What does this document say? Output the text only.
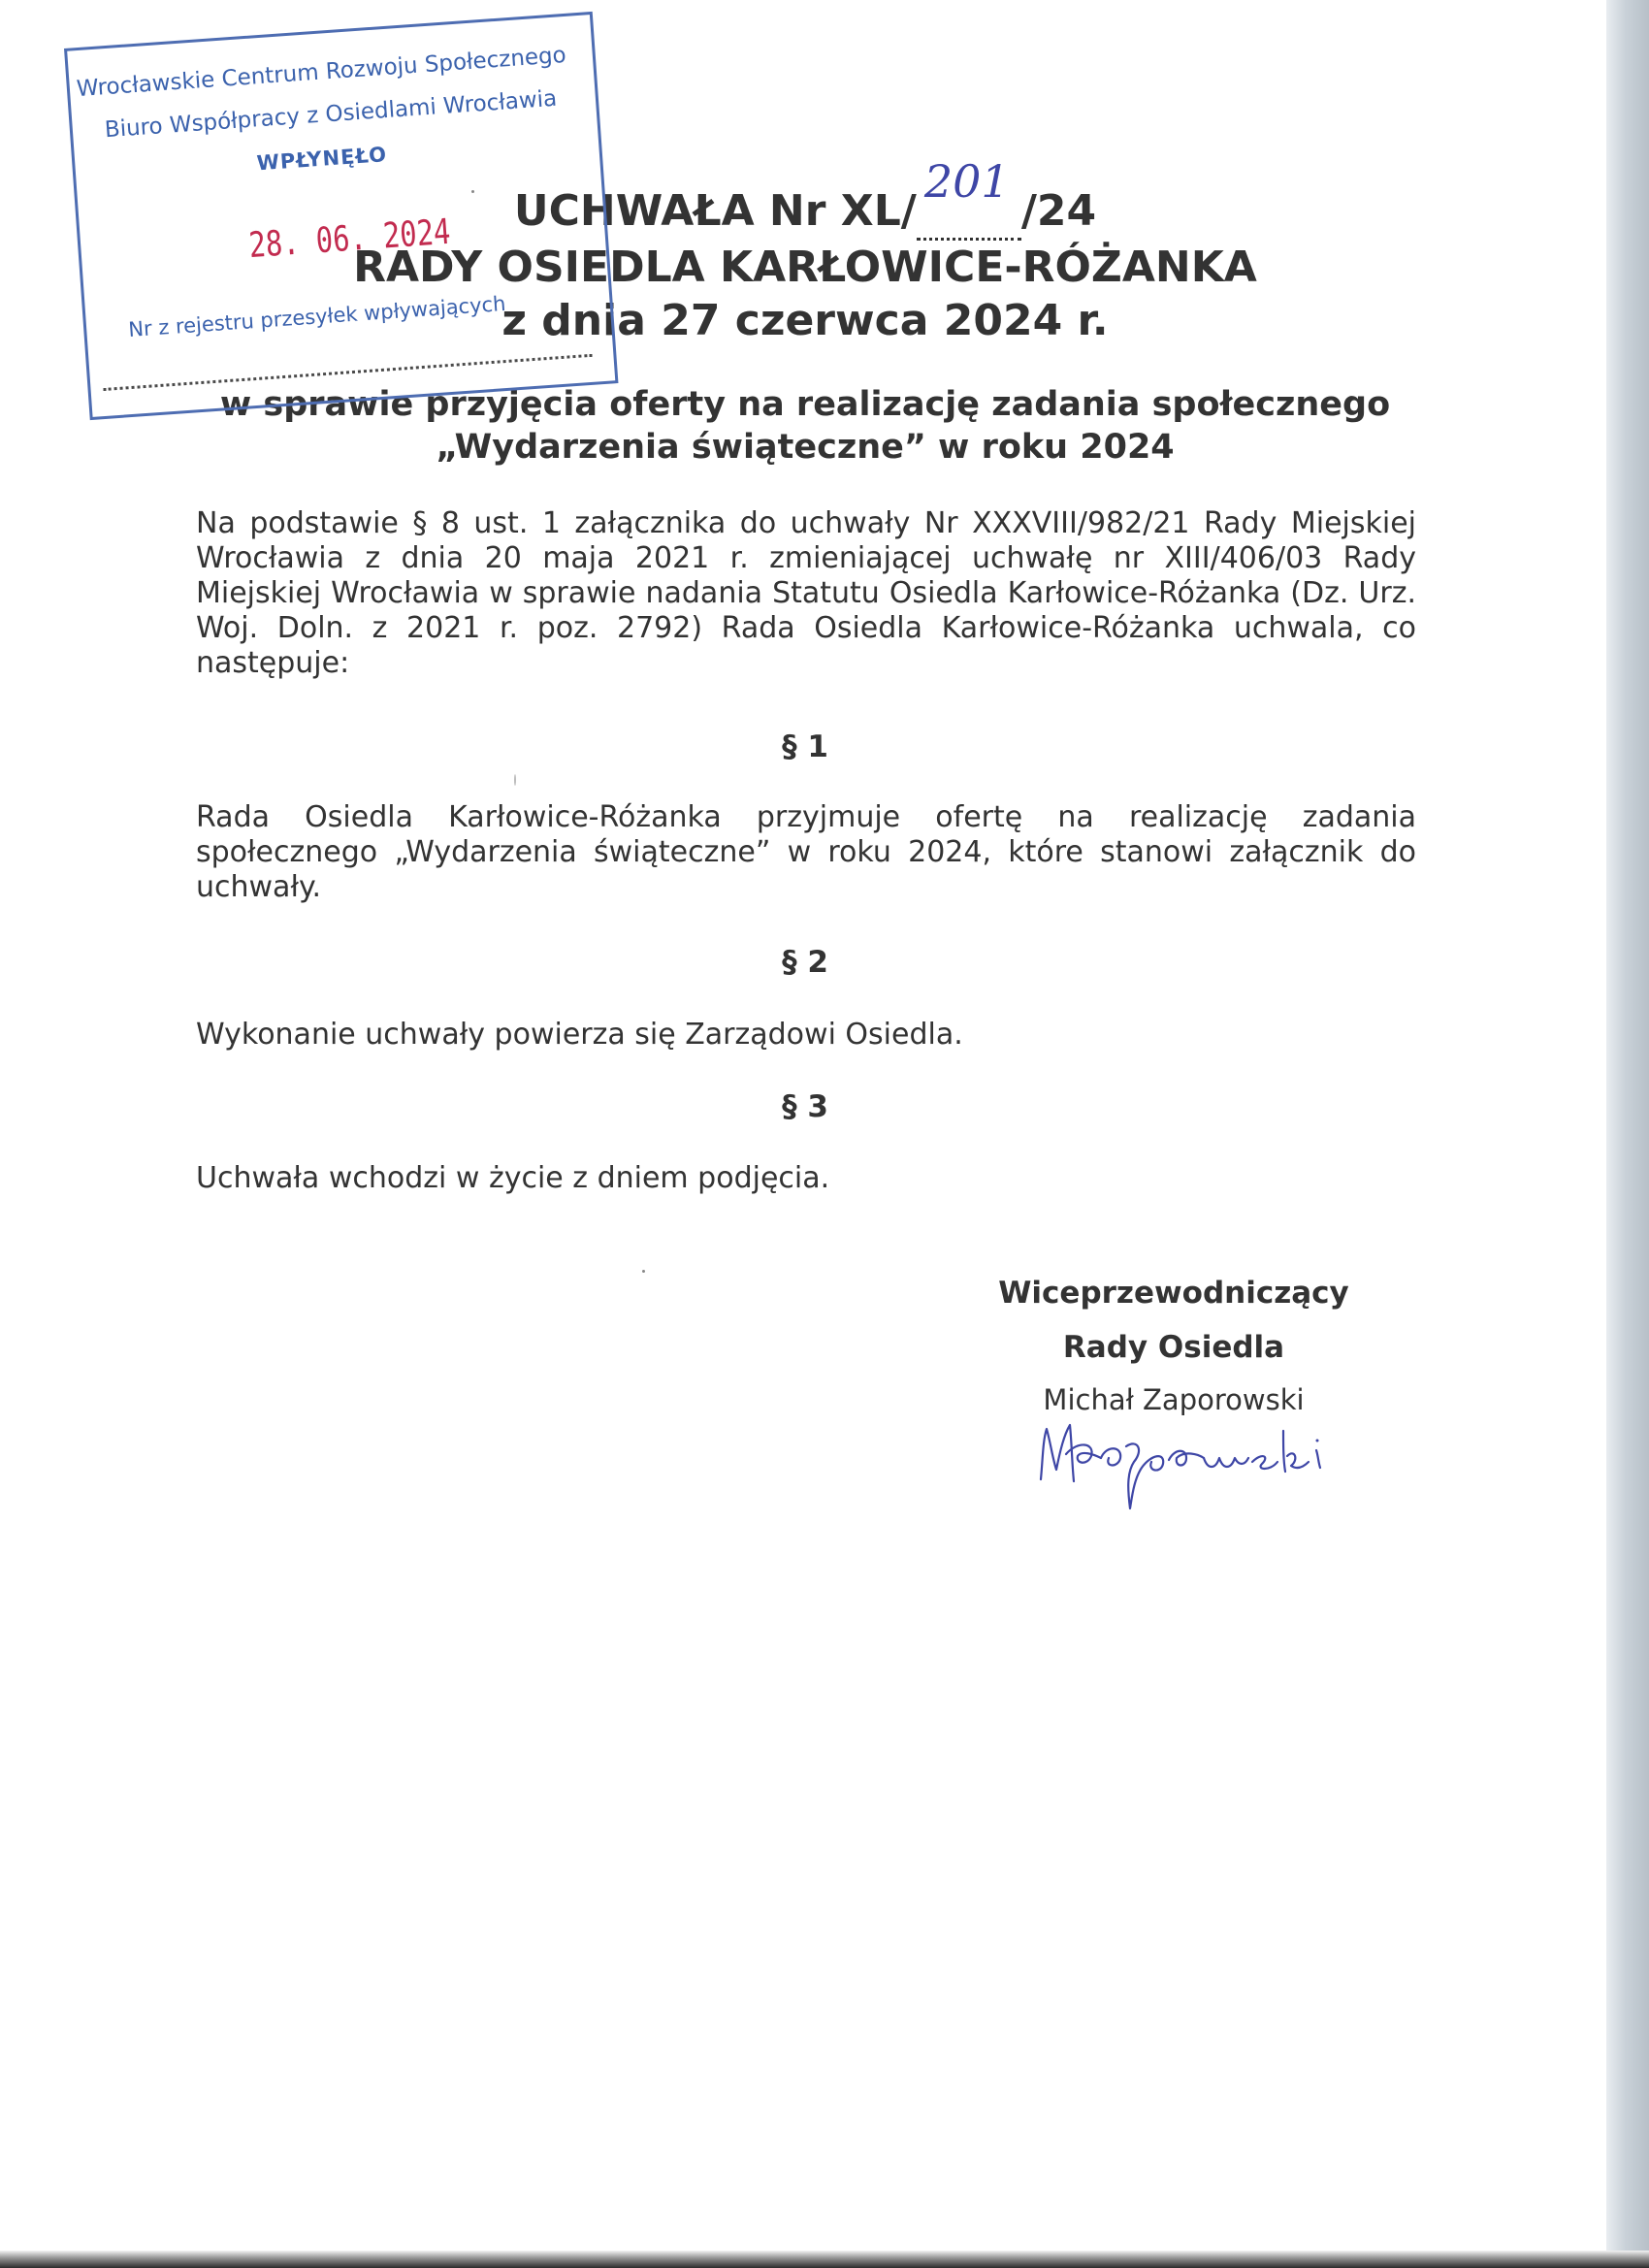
UCHWAŁA Nr XL/
201
/24
RADY OSIEDLA KARŁOWICE-RÓŻANKA
z dnia 27 czerwca 2024 r.
w sprawie przyjęcia oferty na realizację zadania społecznego
„Wydarzenia świąteczne” w roku 2024
Na podstawie § 8 ust. 1 załącznika do uchwały Nr XXXVIII/982/21 Rady Miejskiej Wrocławia z dnia 20 maja 2021 r. zmieniającej uchwałę nr XIII/406/03 Rady Miejskiej Wrocławia w sprawie nadania Statutu Osiedla Karłowice-Różanka (Dz. Urz. Woj. Doln. z 2021 r. poz. 2792) Rada Osiedla Karłowice-Różanka uchwala, co następuje:
§ 1
Rada Osiedla Karłowice-Różanka przyjmuje ofertę na realizację zadania społecznego „Wydarzenia świąteczne” w roku 2024, które stanowi załącznik do uchwały.
§ 2
Wykonanie uchwały powierza się Zarządowi Osiedla.
§ 3
Uchwała wchodzi w życie z dniem podjęcia.
Wiceprzewodniczący
Rady Osiedla
Michał Zaporowski
Wrocławskie Centrum Rozwoju Społecznego
Biuro Współpracy z Osiedlami Wrocławia
WPŁYNĘŁO
28. 06. 2024
Nr z rejestru przesyłek wpływających
